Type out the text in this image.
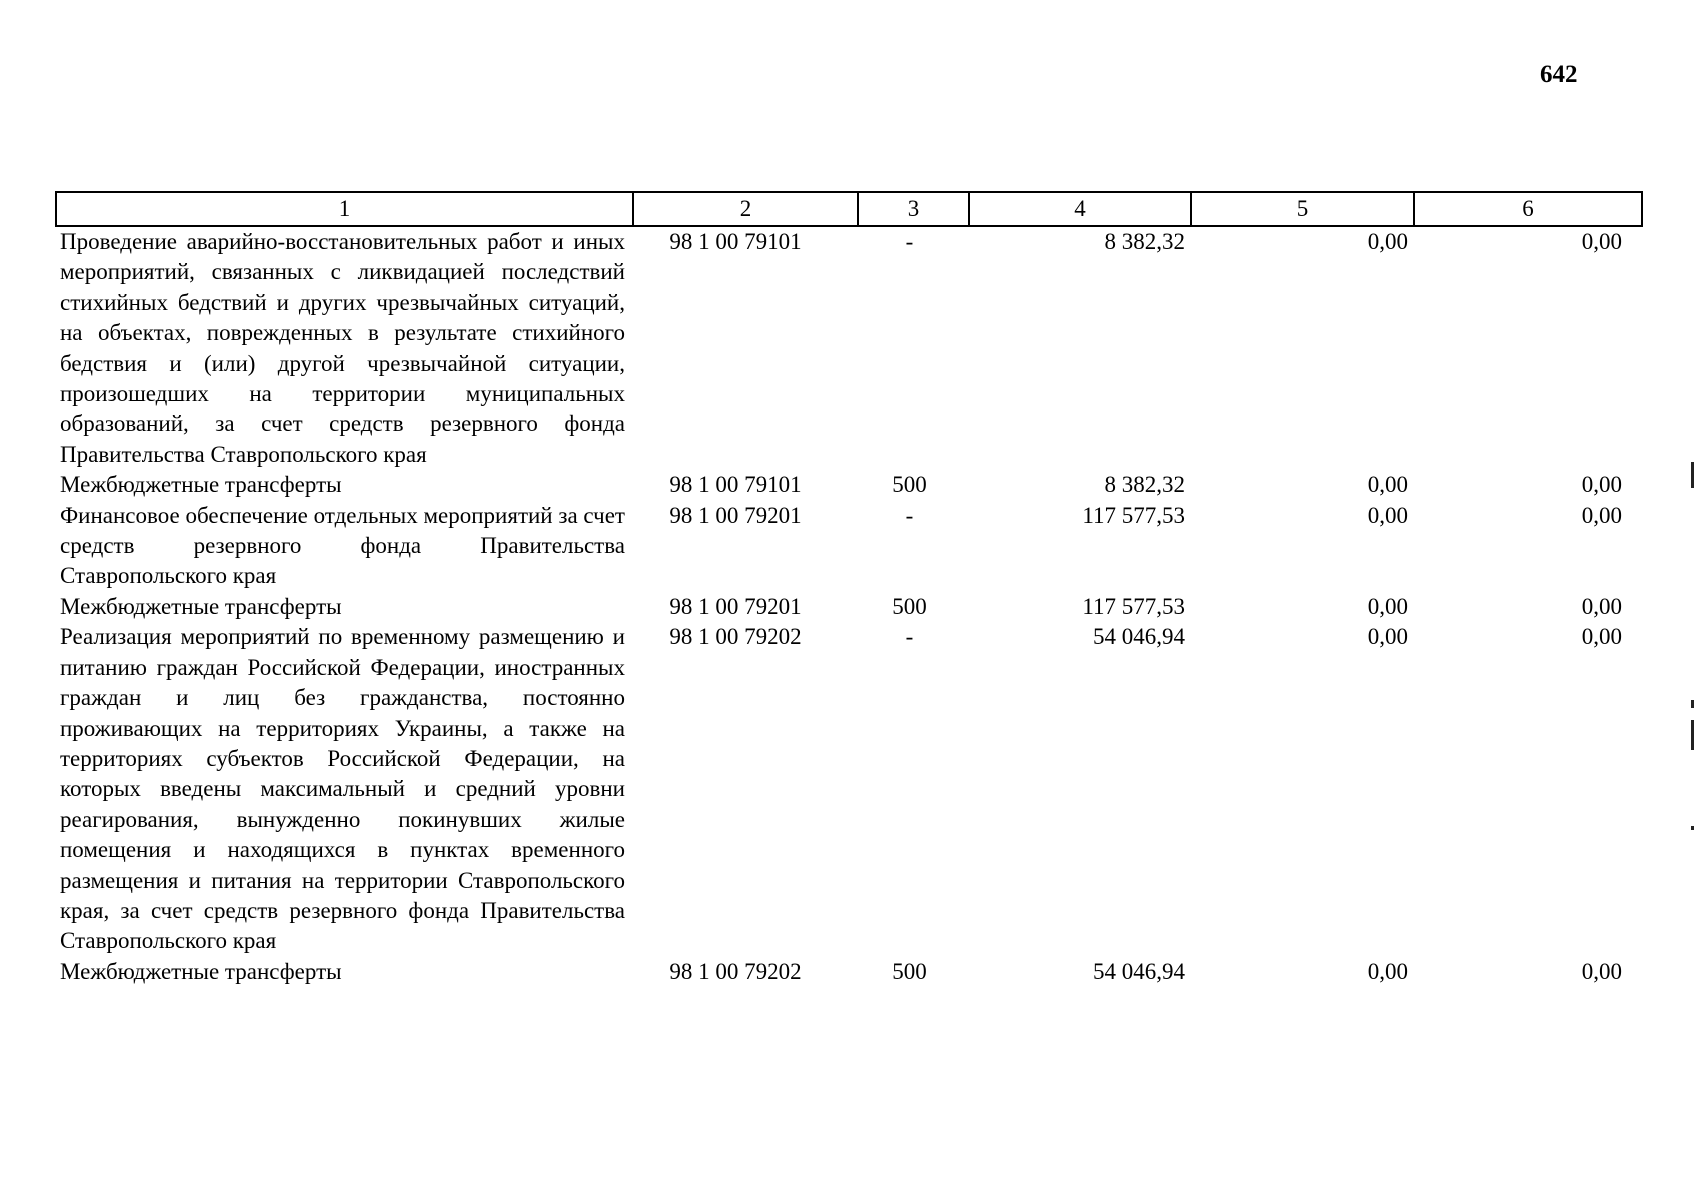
642
1	2	3	4	5	6
Проведение аварийно-восстановительных работ и иных мероприятий, связанных с ликвидацией последствий стихийных бедствий и других чрезвычайных ситуаций, на объектах, поврежденных в результате стихийного бедствия и (или) другой чрезвычайной ситуации, произошедших на территории муниципальных образований, за счет средств резервного фонда Правительства Ставропольского края	98 1 00 79101	-	8 382,32	0,00	0,00
Межбюджетные трансферты	98 1 00 79101	500	8 382,32	0,00	0,00
Финансовое обеспечение отдельных мероприятий за счет средств резервного фонда Правительства Ставропольского края	98 1 00 79201	-	117 577,53	0,00	0,00
Межбюджетные трансферты	98 1 00 79201	500	117 577,53	0,00	0,00
Реализация мероприятий по временному размещению и питанию граждан Российской Федерации, иностранных граждан и лиц без гражданства, постоянно проживающих на территориях Украины, а также на территориях субъектов Российской Федерации, на которых введены максимальный и средний уровни реагирования, вынужденно покинувших жилые помещения и находящихся в пунктах временного размещения и питания на территории Ставропольского края, за счет средств резервного фонда Правительства Ставропольского края	98 1 00 79202	-	54 046,94	0,00	0,00
Межбюджетные трансферты	98 1 00 79202	500	54 046,94	0,00	0,00
